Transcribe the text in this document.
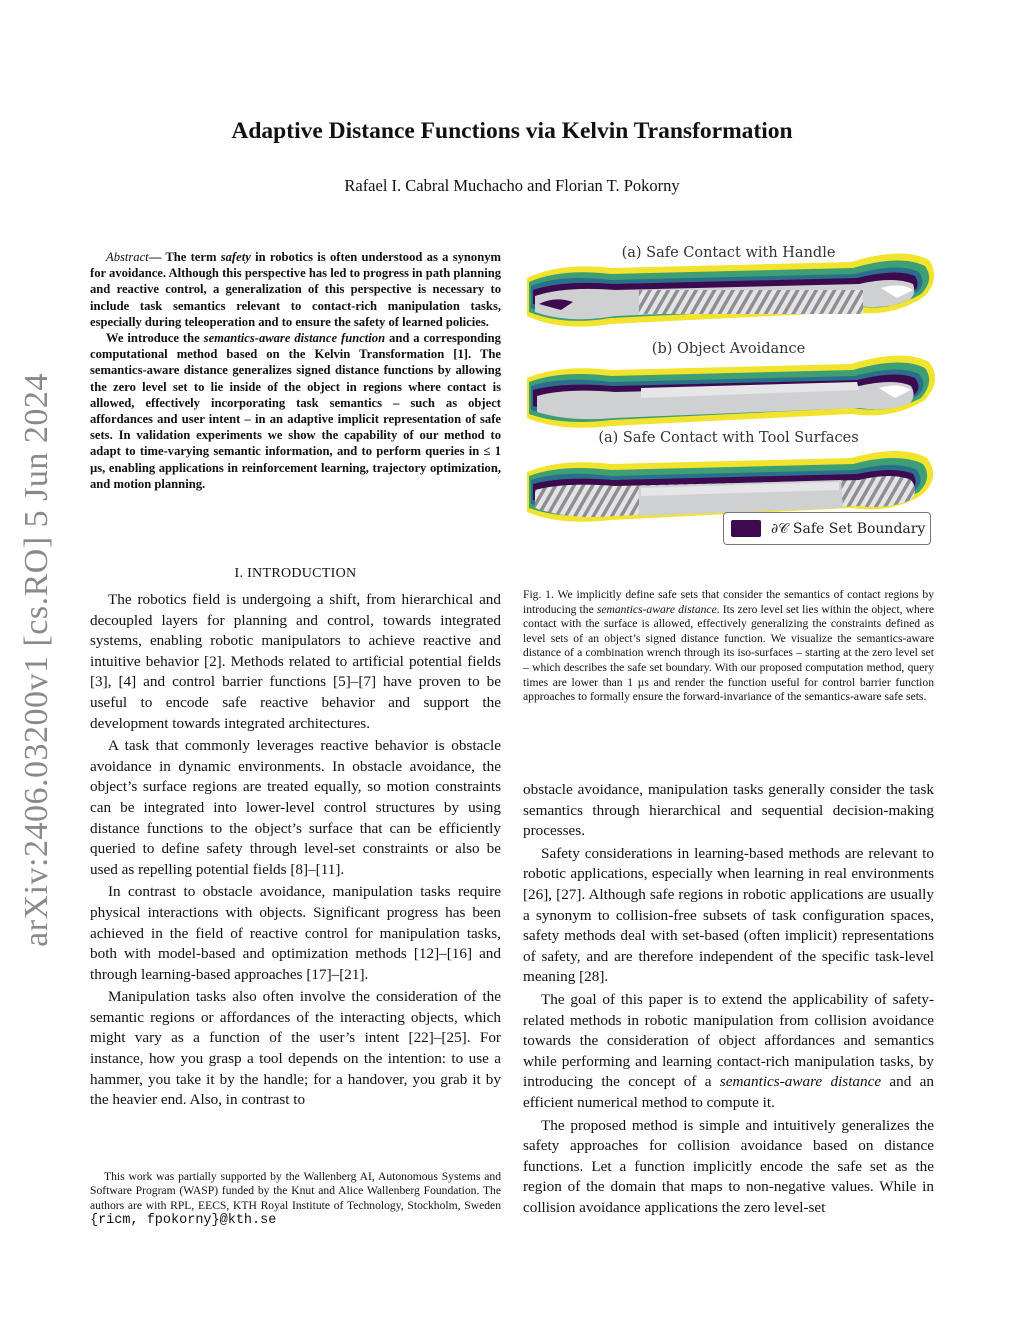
arXiv:2406.03200v1 [cs.RO] 5 Jun 2024
Adaptive Distance Functions via Kelvin Transformation
Rafael I. Cabral Muchacho and Florian T. Pokorny

Abstract— The term safety in robotics is often understood as a synonym for avoidance. Although this perspective has led to progress in path planning and reactive control, a generalization of this perspective is necessary to include task semantics relevant to contact-rich manipulation tasks, especially during teleoperation and to ensure the safety of learned policies.

We introduce the semantics-aware distance function and a corresponding computational method based on the Kelvin Transformation [1]. The semantics-aware distance generalizes signed distance functions by allowing the zero level set to lie inside of the object in regions where contact is allowed, effectively incorporating task semantics – such as object affordances and user intent – in an adaptive implicit representation of safe sets. In validation experiments we show the capability of our method to adapt to time-varying semantic information, and to perform queries in ≤ 1 µs, enabling applications in reinforcement learning, trajectory optimization, and motion planning.

I. INTRODUCTION

The robotics field is undergoing a shift, from hierarchical and decoupled layers for planning and control, towards integrated systems, enabling robotic manipulators to achieve reactive and intuitive behavior [2]. Methods related to artificial potential fields [3], [4] and control barrier functions [5]–[7] have proven to be useful to encode safe reactive behavior and support the development towards integrated architectures.

A task that commonly leverages reactive behavior is obstacle avoidance in dynamic environments. In obstacle avoidance, the object’s surface regions are treated equally, so motion constraints can be integrated into lower-level control structures by using distance functions to the object’s surface that can be efficiently queried to define safety through level-set constraints or also be used as repelling potential fields [8]–[11].

In contrast to obstacle avoidance, manipulation tasks require physical interactions with objects. Significant progress has been achieved in the field of reactive control for manipulation tasks, both with model-based and optimization methods [12]–[16] and through learning-based approaches [17]–[21].

Manipulation tasks also often involve the consideration of the semantic regions or affordances of the interacting objects, which might vary as a function of the user’s intent [22]–[25]. For instance, how you grasp a tool depends on the intention: to use a hammer, you take it by the handle; for a handover, you grab it by the heavier end. Also, in contrast to

This work was partially supported by the Wallenberg AI, Autonomous Systems and Software Program (WASP) funded by the Knut and Alice Wallenberg Foundation. The authors are with RPL, EECS, KTH Royal Institute of Technology, Stockholm, Sweden {ricm, fpokorny}@kth.se

(a) Safe Contact with Handle
(b) Object Avoidance
(a) Safe Contact with Tool Surfaces
∂𝒞 Safe Set Boundary
Fig. 1. We implicitly define safe sets that consider the semantics of contact regions by introducing the semantics-aware distance. Its zero level set lies within the object, where contact with the surface is allowed, effectively generalizing the constraints defined as level sets of an object’s signed distance function. We visualize the semantics-aware distance of a combination wrench through its iso-surfaces – starting at the zero level set – which describes the safe set boundary. With our proposed computation method, query times are lower than 1 µs and render the function useful for control barrier function approaches to formally ensure the forward-invariance of the semantics-aware safe sets.

obstacle avoidance, manipulation tasks generally consider the task semantics through hierarchical and sequential decision-making processes.

Safety considerations in learning-based methods are relevant to robotic applications, especially when learning in real environments [26], [27]. Although safe regions in robotic applications are usually a synonym to collision-free subsets of task configuration spaces, safety methods deal with set-based (often implicit) representations of safety, and are therefore independent of the specific task-level meaning [28].

The goal of this paper is to extend the applicability of safety-related methods in robotic manipulation from collision avoidance towards the consideration of object affordances and semantics while performing and learning contact-rich manipulation tasks, by introducing the concept of a semantics-aware distance and an efficient numerical method to compute it.

The proposed method is simple and intuitively generalizes the safety approaches for collision avoidance based on distance functions. Let a function implicitly encode the safe set as the region of the domain that maps to non-negative values. While in collision avoidance applications the zero level-set
